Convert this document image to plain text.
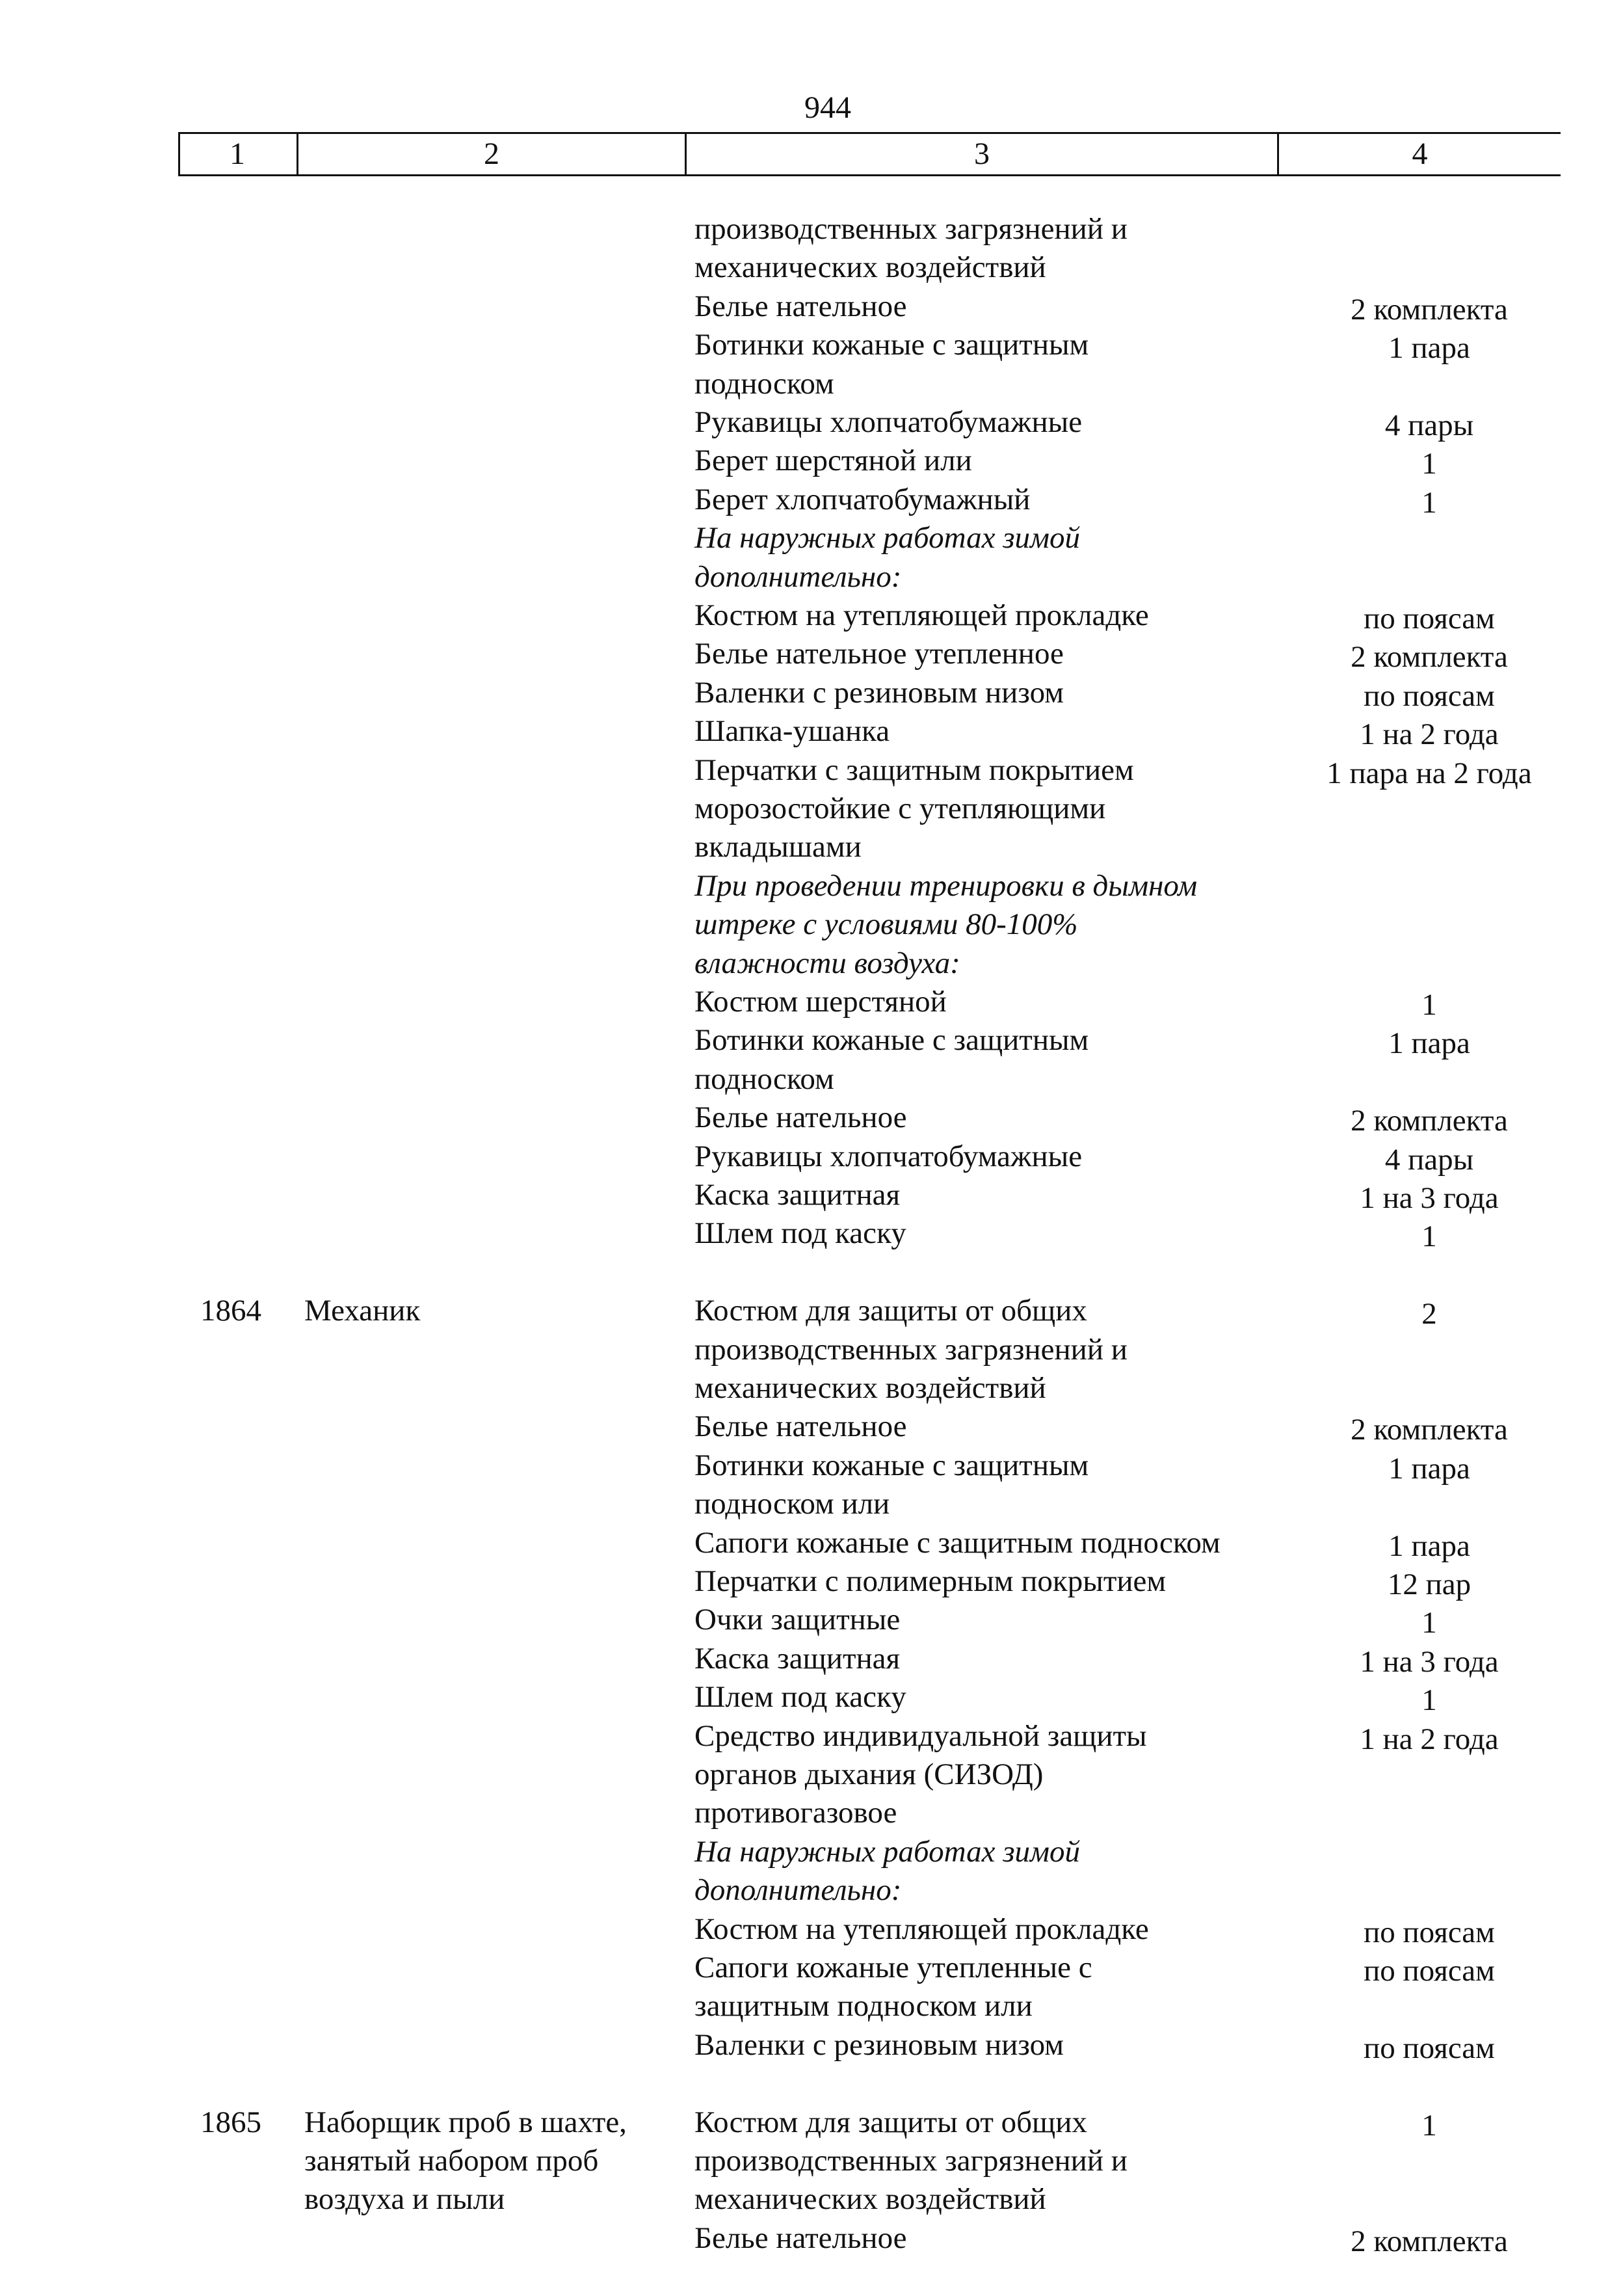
944
1	2	3	4
производственных загрязнений и
механических воздействий
Белье нательное	2 комплекта
Ботинки кожаные с защитным	1 пара
подноском
Рукавицы хлопчатобумажные	4 пары
Берет шерстяной или	1
Берет хлопчатобумажный	1
На наружных работах зимой
дополнительно:
Костюм на утепляющей прокладке	по поясам
Белье нательное утепленное	2 комплекта
Валенки с резиновым низом	по поясам
Шапка-ушанка	1 на 2 года
Перчатки с защитным покрытием	1 пара на 2 года
морозостойкие с утепляющими
вкладышами
При проведении тренировки в дымном
штреке с условиями 80-100%
влажности воздуха:
Костюм шерстяной	1
Ботинки кожаные с защитным	1 пара
подноском
Белье нательное	2 комплекта
Рукавицы хлопчатобумажные	4 пары
Каска защитная	1 на 3 года
Шлем под каску	1
1864	Механик	Костюм для защиты от общих	2
производственных загрязнений и
механических воздействий
Белье нательное	2 комплекта
Ботинки кожаные с защитным	1 пара
подноском или
Сапоги кожаные с защитным подноском	1 пара
Перчатки с полимерным покрытием	12 пар
Очки защитные	1
Каска защитная	1 на 3 года
Шлем под каску	1
Средство индивидуальной защиты	1 на 2 года
органов дыхания (СИЗОД)
противогазовое
На наружных работах зимой
дополнительно:
Костюм на утепляющей прокладке	по поясам
Сапоги кожаные утепленные с	по поясам
защитным подноском или
Валенки с резиновым низом	по поясам
1865	Наборщик проб в шахте,	Костюм для защиты от общих	1
занятый набором проб	производственных загрязнений и
воздуха и пыли	механических воздействий
Белье нательное	2 комплекта
